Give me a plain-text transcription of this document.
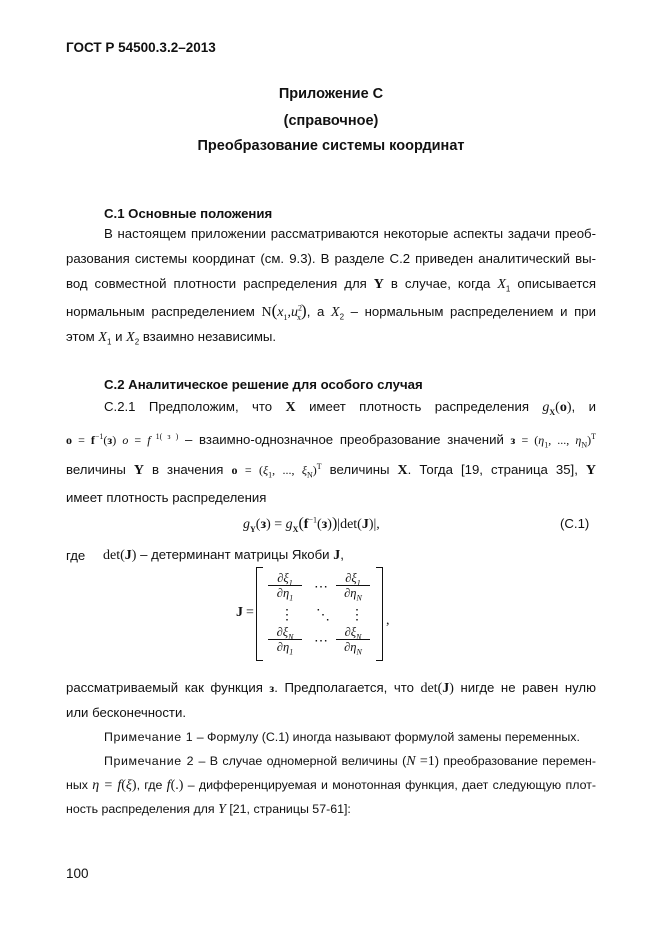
ГОСТ Р 54500.3.2–2013
Приложение С
(справочное)
Преобразование системы координат
С.1 Основные положения
В настоящем приложении рассматриваются некоторые аспекты задачи преоб-
разования системы координат (см. 9.3). В разделе С.2 приведен аналитический вы-
вод совместной плотности распределения для Y в случае, когда $X_1$ описывается
нормальным распределением $N(x_1,u^2_x)$, а $X_2$ – нормальным распределением и при
этом $X_1$ и $X_2$ взаимно независимы.
С.2 Аналитическое решение для особого случая
С.2.1 Предположим, что X имеет плотность распределения $g_X(o)$, и
$o = f^{-1}(з) o = f$ $^{1( з )}$ – взаимно-однозначное преобразование значений $з = (\eta_1$, ..., $\eta_N)^T$
величины Y в значения $o = (\xi_1$, ..., $\xi_N)^T$ величины X. Тогда [19, страница 35], Y
имеет плотность распределения
$g_Y(з) = g_X(f^{-1}(з))|\det(J)|$,	(С.1)
где det(J) – детерминант матрицы Якоби J,
J =
$\frac{\partial\xi_1}{\partial\eta_1}$ ⋯ $\frac{\partial\xi_1}{\partial\eta_N}$
⋮ ⋱ ⋮
$\frac{\partial\xi_N}{\partial\eta_1}$ ⋯ $\frac{\partial\xi_N}{\partial\eta_N}$
,
рассматриваемый как функция з. Предполагается, что det(J) нигде не равен нулю
или бесконечности.
Примечание 1 – Формулу (С.1) иногда называют формулой замены переменных.
Примечание 2 – В случае одномерной величины (N =1) преобразование перемен-
ных η = f(ξ), где f(.) – дифференцируемая и монотонная функция, дает следующую плот-
ность распределения для Y [21, страницы 57-61]:
100
